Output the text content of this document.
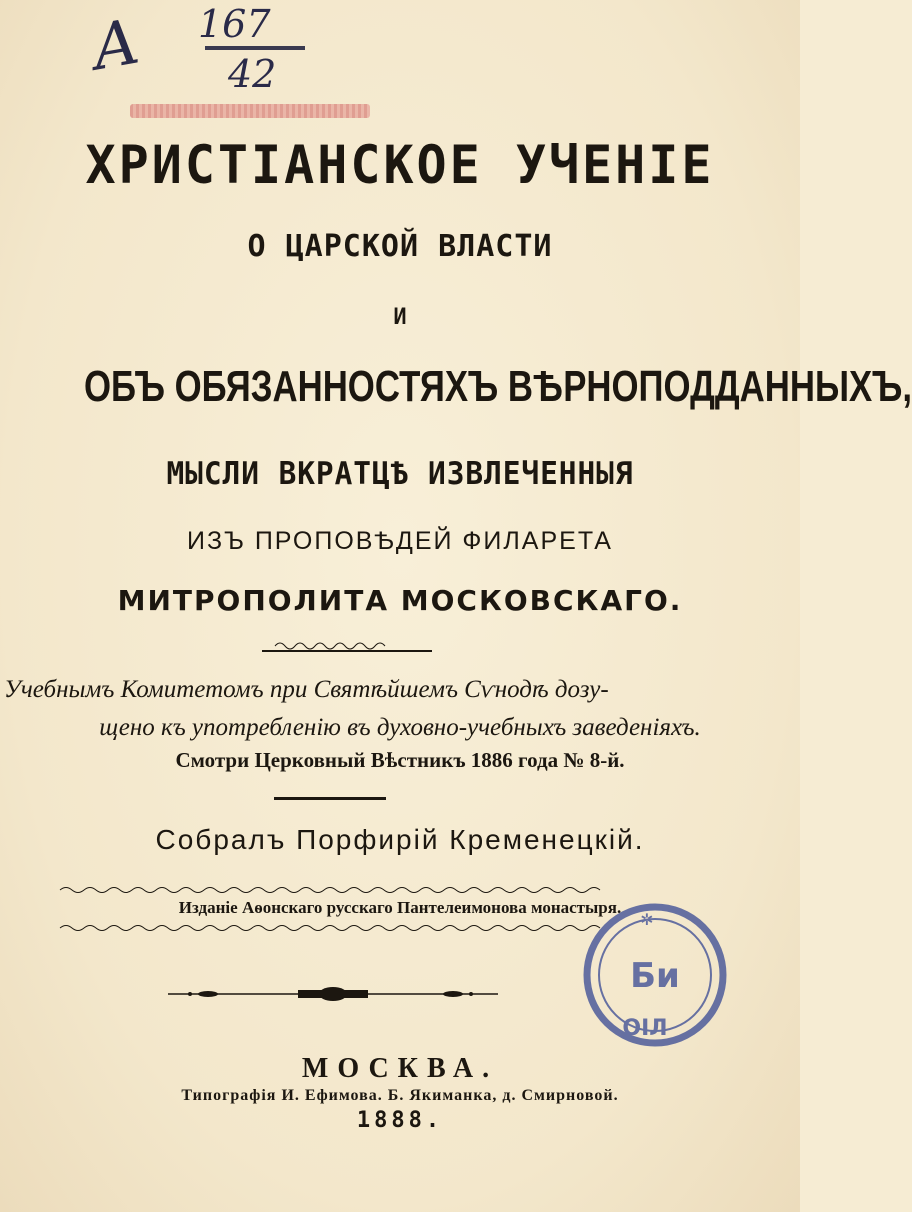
А 167
42
ХРИСТІАНСКОЕ УЧЕНІЕ
О ЦАРСКОЙ ВЛАСТИ
И
ОБЪ ОБЯЗАННОСТЯХЪ ВѢРНОПОДДАННЫХЪ,
МЫСЛИ ВКРАТЦѢ ИЗВЛЕЧЕННЫЯ
ИЗЪ ПРОПОВѢДЕЙ ФИЛАРЕТА
МИТРОПОЛИТА МОСКОВСКАГО.
Учебнымъ Комитетомъ при Святѣйшемъ Сѵнодѣ дозу-
щено къ употребленію въ духовно-учебныхъ заведеніяхъ.
Смотри Церковный Вѣстникъ 1886 года № 8-й.
Собралъ Порфирій Кременецкій.
Изданіе Аѳонскаго русскаго Пантелеимонова монастыря.
Би
ОІЛ
✲
МОСКВА.
Типографія И. Ефимова. Б. Якиманка, д. Смирновой.
1888.
